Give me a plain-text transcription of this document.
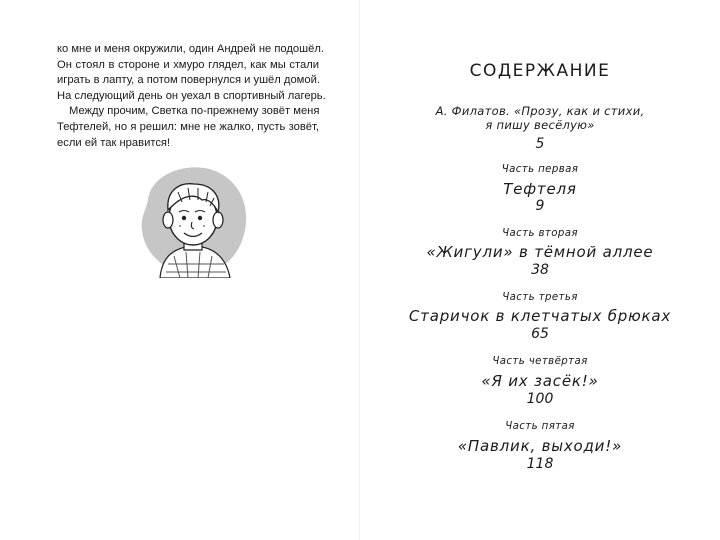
ко мне и меня окружили, один Андрей не подошёл.
Он стоял в стороне и хмуро глядел, как мы стали
играть в лапту, а потом повернулся и ушёл домой.
На следующий день он уехал в спортивный лагерь.
Между прочим, Светка по-прежнему зовёт меня
Тефтелей, но я решил: мне не жалко, пусть зовёт,
если ей так нравится!
СОДЕРЖАНИЕ
А. Филатов. «Прозу, как и стихи,
я пишу весёлую»
5
Часть первая
Тефтеля
9
Часть вторая
«Жигули» в тёмной аллее
38
Часть третья
Старичок в клетчатых брюках
65
Часть четвёртая
«Я их засёк!»
100
Часть пятая
«Павлик, выходи!»
118
